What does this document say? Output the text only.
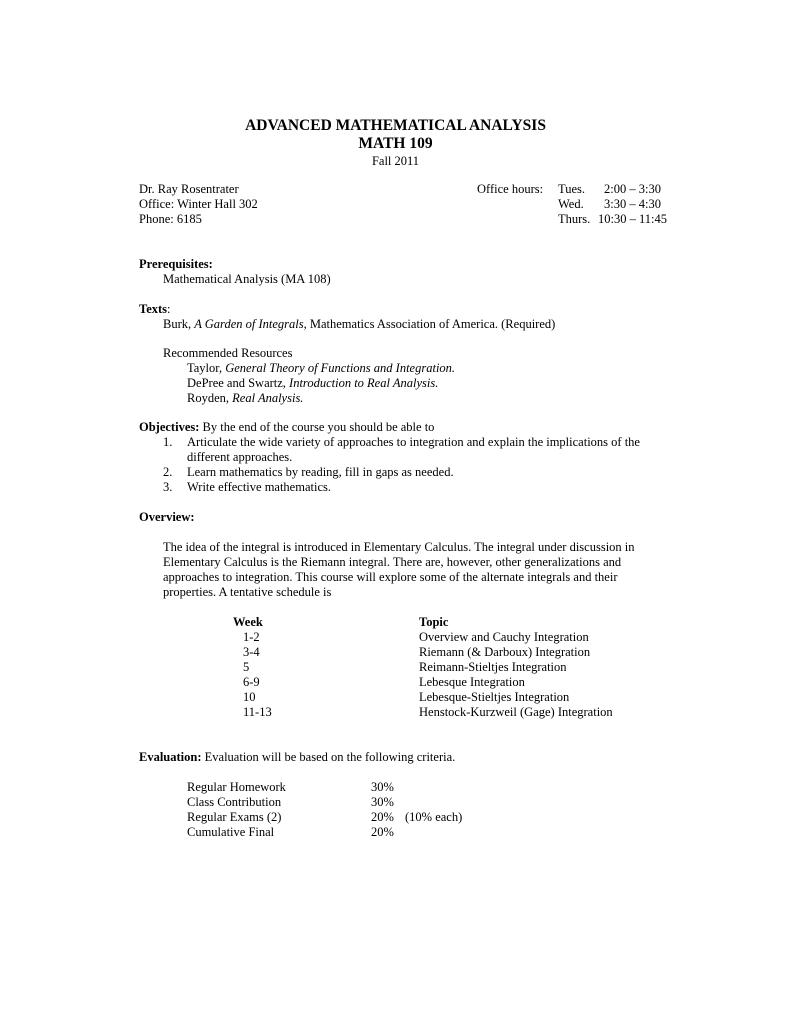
ADVANCED MATHEMATICAL ANALYSIS
MATH 109
Fall 2011
Dr. Ray Rosentrater
Office: Winter Hall 302
Phone: 6185
Office hours: Tues. 2:00 – 3:30
Wed. 3:30 – 4:30
Thurs. 10:30 – 11:45
Prerequisites:
Mathematical Analysis (MA 108)
Texts:
Burk, A Garden of Integrals, Mathematics Association of America. (Required)
Recommended Resources
Taylor, General Theory of Functions and Integration.
DePree and Swartz, Introduction to Real Analysis.
Royden, Real Analysis.
Objectives: By the end of the course you should be able to
1. Articulate the wide variety of approaches to integration and explain the implications of the
different approaches.
2. Learn mathematics by reading, fill in gaps as needed.
3. Write effective mathematics.
Overview:
The idea of the integral is introduced in Elementary Calculus. The integral under discussion in
Elementary Calculus is the Riemann integral. There are, however, other generalizations and
approaches to integration. This course will explore some of the alternate integrals and their
properties. A tentative schedule is
Week	Topic
1-2	Overview and Cauchy Integration
3-4	Riemann (& Darboux) Integration
5	Reimann-Stieltjes Integration
6-9	Lebesque Integration
10	Lebesque-Stieltjes Integration
11-13	Henstock-Kurzweil (Gage) Integration
Evaluation: Evaluation will be based on the following criteria.
Regular Homework	30%
Class Contribution	30%
Regular Exams (2)	20% (10% each)
Cumulative Final	20%
